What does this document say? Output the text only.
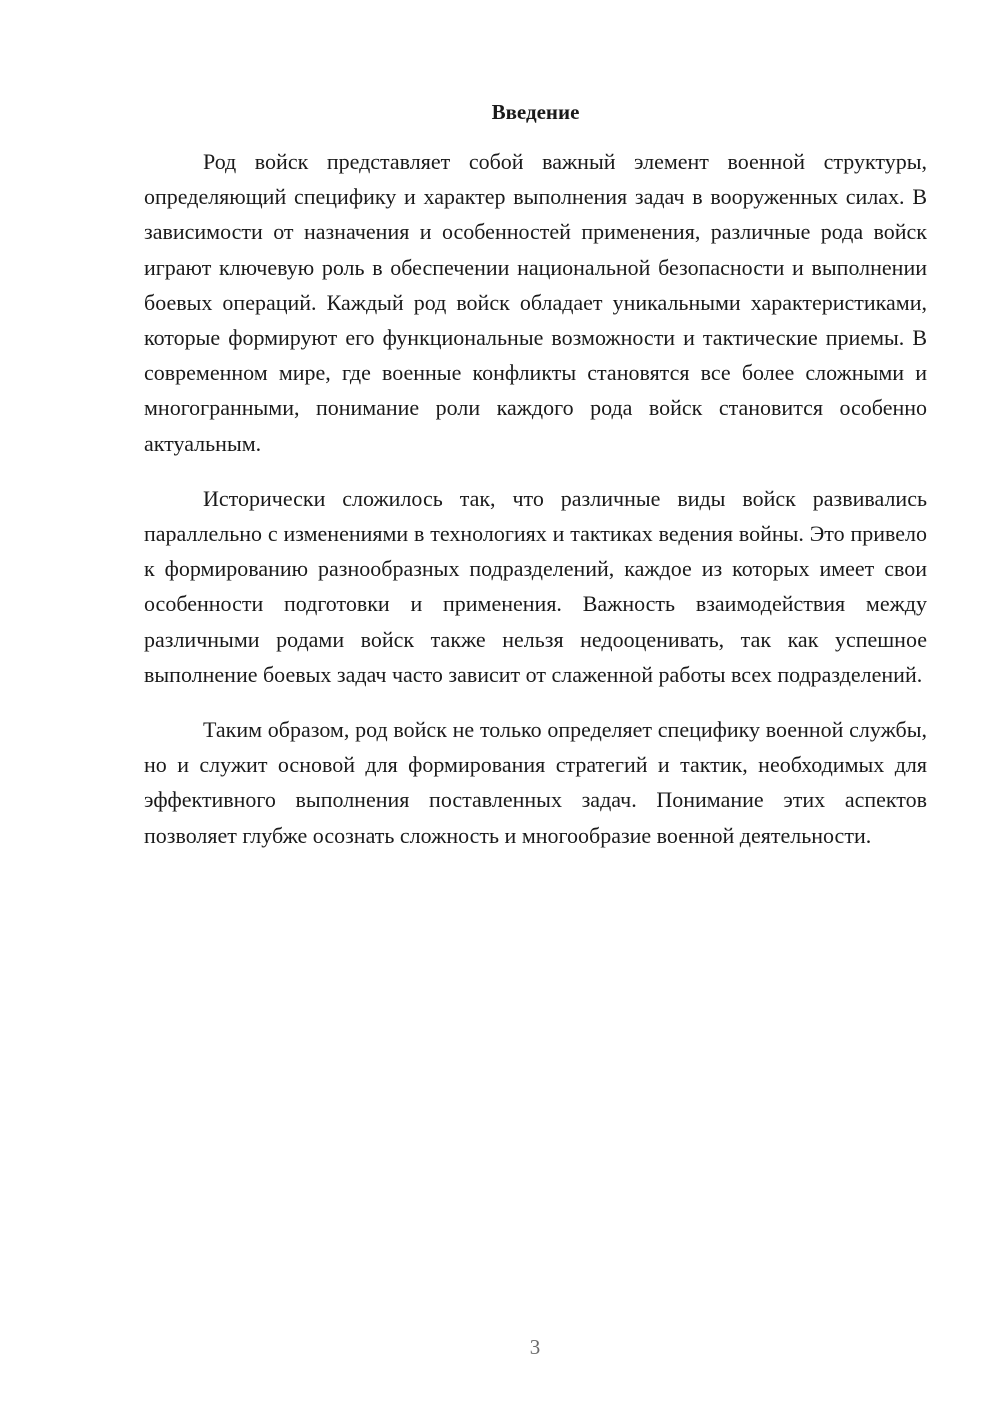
Введение

Род войск представляет собой важный элемент военной структуры, определяющий специфику и характер выполнения задач в вооруженных силах. В зависимости от назначения и особенностей применения, различные рода войск играют ключевую роль в обеспечении национальной безопасности и выполнении боевых операций. Каждый род войск обладает уникальными характеристиками, которые формируют его функциональные возможности и тактические приемы. В современном мире, где военные конфликты становятся все более сложными и многогранными, понимание роли каждого рода войск становится особенно актуальным.

Исторически сложилось так, что различные виды войск развивались параллельно с изменениями в технологиях и тактиках ведения войны. Это привело к формированию разнообразных подразделений, каждое из которых имеет свои особенности подготовки и применения. Важность взаимодействия между различными родами войск также нельзя недооценивать, так как успешное выполнение боевых задач часто зависит от слаженной работы всех подразделений.

Таким образом, род войск не только определяет специфику военной службы, но и служит основой для формирования стратегий и тактик, необходимых для эффективного выполнения поставленных задач. Понимание этих аспектов позволяет глубже осознать сложность и многообразие военной деятельности.

3
